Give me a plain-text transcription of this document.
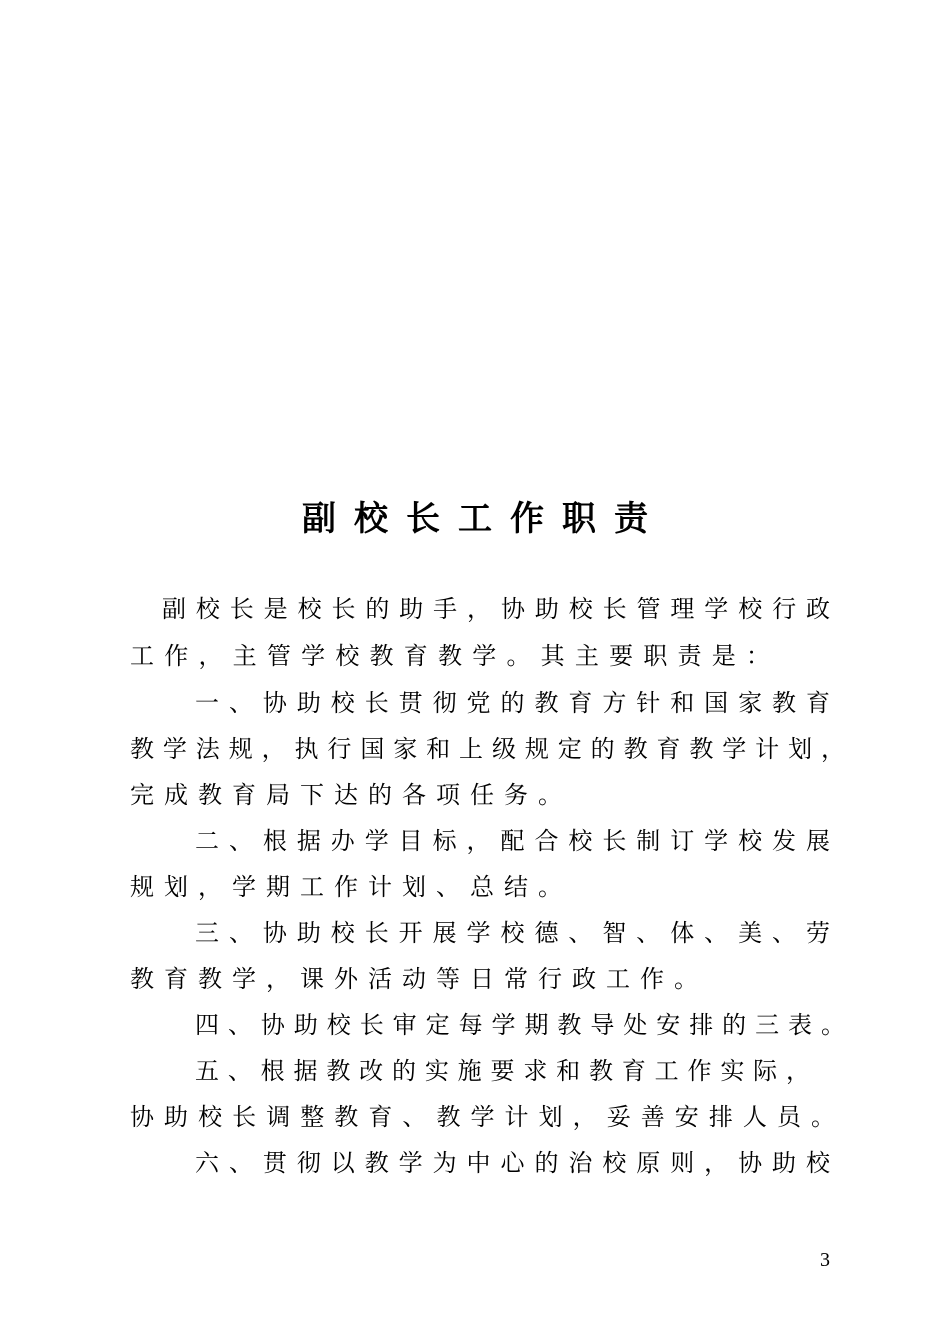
副校长工作职责

副 校 长 是 校 长 的 助 手 ， 协 助 校 长 管 理 学 校 行 政

工 作 ， 主 管 学 校 教 育 教 学 。 其 主 要 职 责 是 ：

一 、 协 助 校 长 贯 彻 党 的 教 育 方 针 和 国 家 教 育

教 学 法 规 ， 执 行 国 家 和 上 级 规 定 的 教 育 教 学 计 划 ，

完成教育局下达的各项任务。

二 、 根 据 办 学 目 标 ， 配 合 校 长 制 订 学 校 发 展

规划，学期工作计划、总结。

三 、 协 助 校 长 开 展 学 校 德 、 智 、 体 、 美 、 劳

教育教学，课外活动等日常行政工作。

四 、 协 助 校 长 审 定 每 学 期 教 导 处 安 排 的 三 表 。

五 、 根 据 教 改 的 实 施 要 求 和 教 育 工 作 实 际 ，

协 助 校 长 调 整 教 育 、 教 学 计 划 ， 妥 善 安 排 人 员 。

六 、 贯 彻 以 教 学 为 中 心 的 治 校 原 则 ， 协 助 校

3
